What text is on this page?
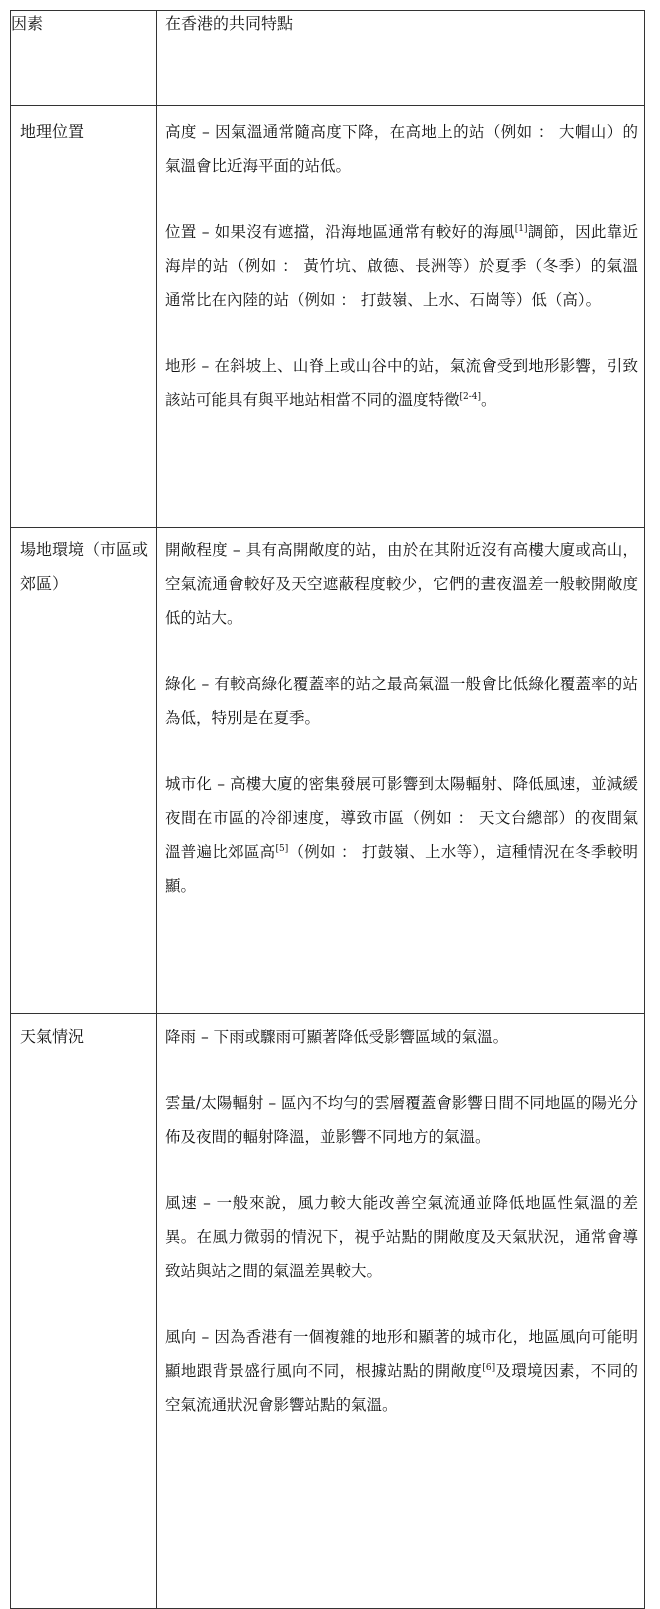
因素	在香港的共同特點
地理位置	高度 – 因氣溫通常隨高度下降，在高地上的站（例如 ： 大帽山）的氣溫會比近海平面的站低。
位置 – 如果沒有遮擋，沿海地區通常有較好的海風[1]調節，因此靠近海岸的站（例如 ： 黃竹坑、啟德、長洲等）於夏季（冬季）的氣溫通常比在內陸的站（例如 ： 打鼓嶺、上水、石崗等）低（高）。
地形 – 在斜坡上、山脊上或山谷中的站，氣流會受到地形影響，引致該站可能具有與平地站相當不同的溫度特徵[2-4]。

場地環境（市區或郊區）	開敞程度 – 具有高開敞度的站，由於在其附近沒有高樓大廈或高山，空氣流通會較好及天空遮蔽程度較少，它們的晝夜溫差一般較開敞度低的站大。
綠化 – 有較高綠化覆蓋率的站之最高氣溫一般會比低綠化覆蓋率的站為低，特別是在夏季。
城市化 – 高樓大廈的密集發展可影響到太陽輻射、降低風速，並減緩夜間在市區的冷卻速度，導致市區（例如 ： 天文台總部）的夜間氣溫普遍比郊區高[5]（例如 ： 打鼓嶺、上水等），這種情況在冬季較明顯。

天氣情況	降雨 – 下雨或驟雨可顯著降低受影響區域的氣溫。
雲量/太陽輻射 – 區內不均勻的雲層覆蓋會影響日間不同地區的陽光分佈及夜間的輻射降溫，並影響不同地方的氣溫。
風速 – 一般來說，風力較大能改善空氣流通並降低地區性氣溫的差異。在風力微弱的情況下，視乎站點的開敞度及天氣狀況，通常會導致站與站之間的氣溫差異較大。
風向 – 因為香港有一個複雜的地形和顯著的城市化，地區風向可能明顯地跟背景盛行風向不同，根據站點的開敞度[6]及環境因素，不同的空氣流通狀況會影響站點的氣溫。
